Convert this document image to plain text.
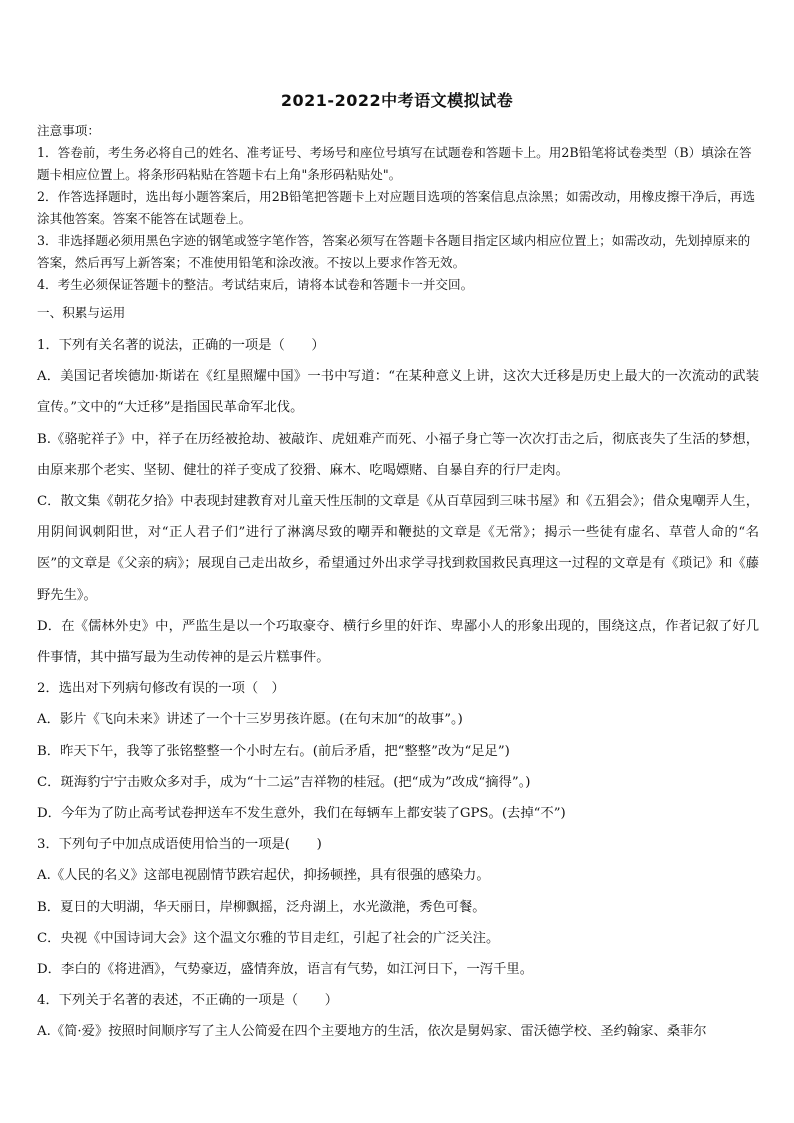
2021-2022中考语文模拟试卷

注意事项：

1．答卷前，考生务必将自己的姓名、准考证号、考场号和座位号填写在试题卷和答题卡上。用2B铅笔将试卷类型（B）填涂在答题卡相应位置上。将条形码粘贴在答题卡右上角"条形码粘贴处"。

2．作答选择题时，选出每小题答案后，用2B铅笔把答题卡上对应题目选项的答案信息点涂黑；如需改动，用橡皮擦干净后，再选涂其他答案。答案不能答在试题卷上。

3．非选择题必须用黑色字迹的钢笔或签字笔作答，答案必须写在答题卡各题目指定区域内相应位置上；如需改动，先划掉原来的答案，然后再写上新答案；不准使用铅笔和涂改液。不按以上要求作答无效。

4．考生必须保证答题卡的整洁。考试结束后，请将本试卷和答题卡一并交回。

一、积累与运用

1．下列有关名著的说法，正确的一项是（　　）

A．美国记者埃德加·斯诺在《红星照耀中国》一书中写道：“在某种意义上讲，这次大迁移是历史上最大的一次流动的武装宣传。”文中的“大迁移”是指国民革命军北伐。

B.《骆驼祥子》中，祥子在历经被抢劫、被敲诈、虎妞难产而死、小福子身亡等一次次打击之后，彻底丧失了生活的梦想，由原来那个老实、坚韧、健壮的祥子变成了狡猾、麻木、吃喝嫖赌、自暴自弃的行尸走肉。

C．散文集《朝花夕拾》中表现封建教育对儿童天性压制的文章是《从百草园到三味书屋》和《五猖会》；借众鬼嘲弄人生，用阴间讽刺阳世，对“正人君子们”进行了淋漓尽致的嘲弄和鞭挞的文章是《无常》；揭示一些徒有虚名、草菅人命的“名医”的文章是《父亲的病》；展现自己走出故乡，希望通过外出求学寻找到救国救民真理这一过程的文章是有《琐记》和《藤野先生》。

D．在《儒林外史》中，严监生是以一个巧取豪夺、横行乡里的奸诈、卑鄙小人的形象出现的，围绕这点，作者记叙了好几件事情，其中描写最为生动传神的是云片糕事件。

2．选出对下列病句修改有误的一项（　）

A．影片《飞向未来》讲述了一个十三岁男孩许愿。(在句末加“的故事”。)

B．昨天下午，我等了张铭整整一个小时左右。(前后矛盾，把“整整”改为“足足”)

C．斑海豹宁宁击败众多对手，成为“十二运”吉祥物的桂冠。(把“成为”改成“摘得”。)

D．今年为了防止高考试卷押送车不发生意外，我们在每辆车上都安装了GPS。(去掉“不”)

3．下列句子中加点成语使用恰当的一项是(　　)

A.《人民的名义》这部电视剧情节跌宕起伏，抑扬顿挫，具有很强的感染力。

B．夏日的大明湖，华天丽日，岸柳飘摇，泛舟湖上，水光潋滟，秀色可餐。

C．央视《中国诗词大会》这个温文尔雅的节目走红，引起了社会的广泛关注。

D．李白的《将进酒》，气势豪迈，盛情奔放，语言有气势，如江河日下，一泻千里。

4．下列关于名著的表述，不正确的一项是（　　）

A.《简·爱》按照时间顺序写了主人公简爱在四个主要地方的生活，依次是舅妈家、雷沃德学校、圣约翰家、桑菲尔
